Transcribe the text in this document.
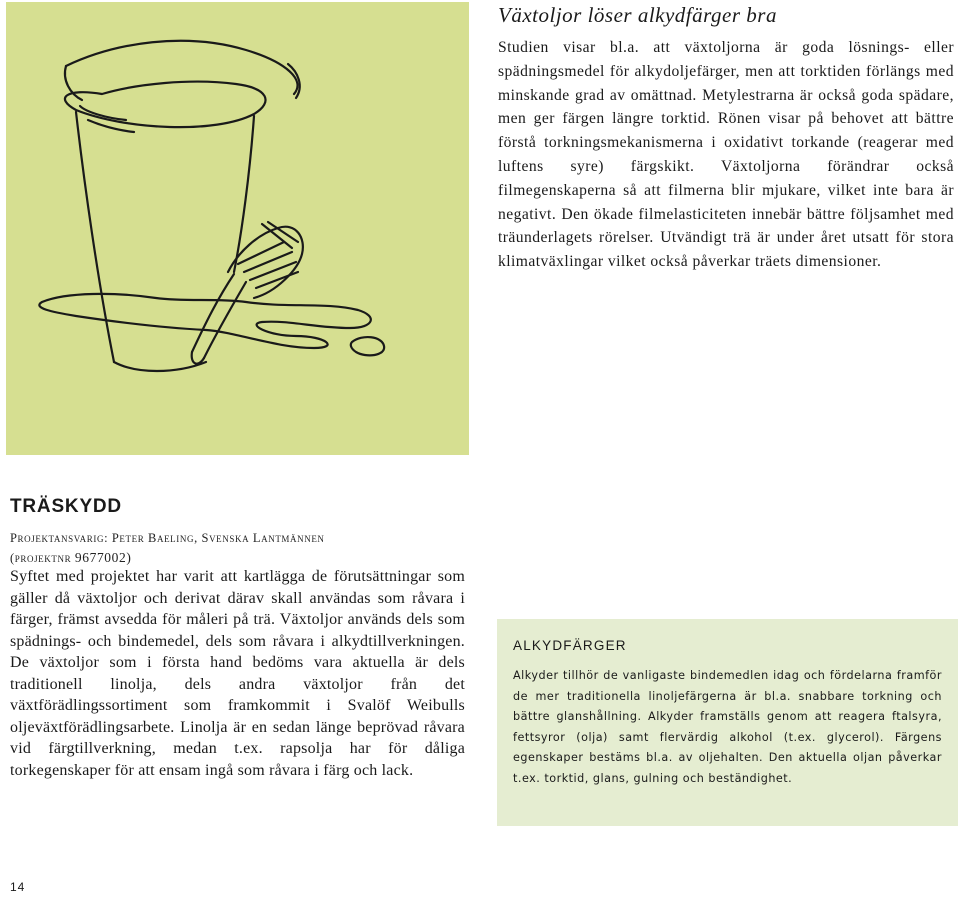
Växtoljor löser alkydfärger bra

Studien visar bl.a. att växtoljorna är goda lösnings- eller spädningsmedel för alkydoljefärger, men att torktiden förlängs med minskande grad av omättnad. Metylestrarna är också goda spädare, men ger färgen längre torktid. Rönen visar på behovet att bättre förstå torkningsmekanismerna i oxidativt torkande (reagerar med luftens syre) färgskikt. Växtoljorna förändrar också filmegenskaperna så att filmerna blir mjukare, vilket inte bara är negativt. Den ökade filmelasticiteten innebär bättre följsamhet med träunderlagets rörelser. Utvändigt trä är under året utsatt för stora klimatväxlingar vilket också påverkar träets dimensioner.

TRÄSKYDD

Projektansvarig: Peter Baeling, Svenska Lantmännen
(projektnr 9677002)

Syftet med projektet har varit att kartlägga de förutsättningar som gäller då växtoljor och derivat därav skall användas som råvara i färger, främst avsedda för måleri på trä. Växtoljor används dels som spädnings- och bindemedel, dels som råvara i alkydtillverkningen. De växtoljor som i första hand bedöms vara aktuella är dels traditionell linolja, dels andra växtoljor från det växtförädlingssortiment som framkommit i Svalöf Weibulls oljeväxtförädlingsarbete. Linolja är en sedan länge beprövad råvara vid färgtillverkning, medan t.ex. rapsolja har för dåliga torkegenskaper för att ensam ingå som råvara i färg och lack.

ALKYDFÄRGER

Alkyder tillhör de vanligaste bindemedlen idag och fördelarna framför de mer traditionella linoljefärgerna är bl.a. snabbare torkning och bättre glanshållning. Alkyder framställs genom att reagera ftalsyra, fettsyror (olja) samt flervärdig alkohol (t.ex. glycerol). Färgens egenskaper bestäms bl.a. av oljehalten. Den aktuella oljan påverkar t.ex. torktid, glans, gulning och beständighet.

14
